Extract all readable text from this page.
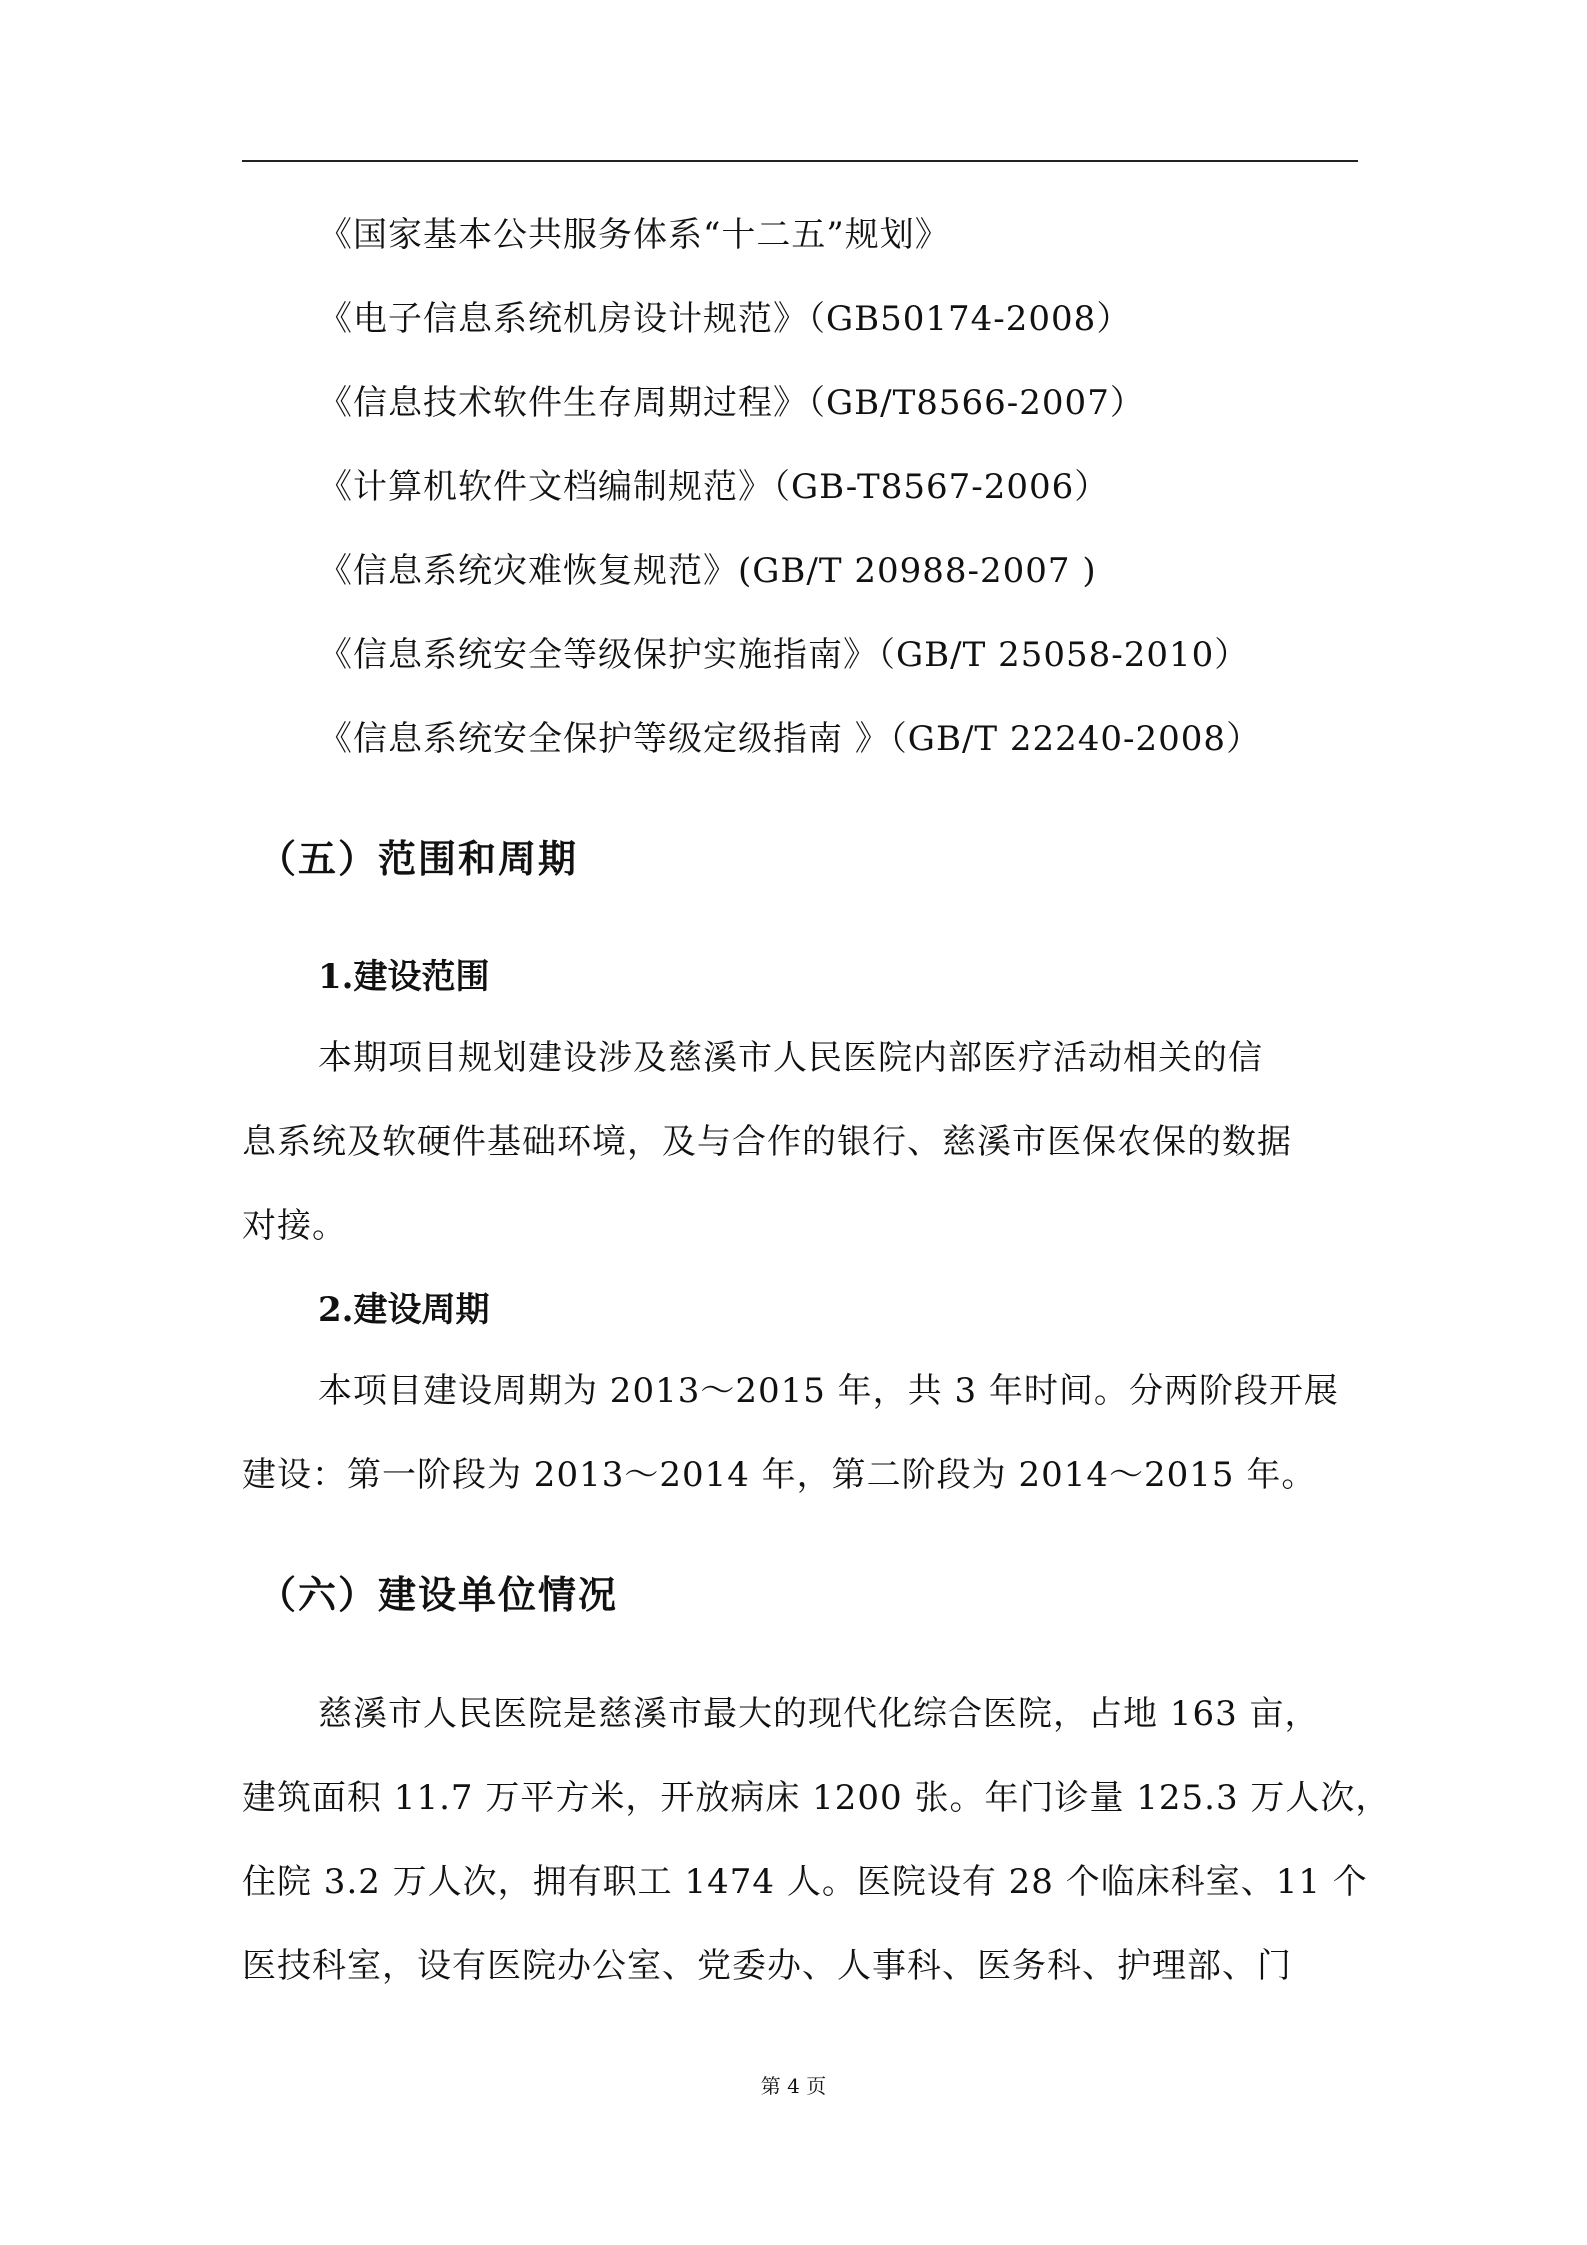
《国家基本公共服务体系“十二五”规划》
《电子信息系统机房设计规范》（GB50174-2008）
《信息技术软件生存周期过程》（GB/T8566-2007）
《计算机软件文档编制规范》（GB-T8567-2006）
《信息系统灾难恢复规范》(GB/T 20988-2007 )
《信息系统安全等级保护实施指南》（GB/T 25058-2010）
《信息系统安全保护等级定级指南 》（GB/T 22240-2008）
（五）范围和周期
1.建设范围
本期项目规划建设涉及慈溪市人民医院内部医疗活动相关的信
息系统及软硬件基础环境，及与合作的银行、慈溪市医保农保的数据
对接。
2.建设周期
本项目建设周期为 2013～2015 年，共 3 年时间。分两阶段开展
建设：第一阶段为 2013～2014 年，第二阶段为 2014～2015 年。
（六）建设单位情况
慈溪市人民医院是慈溪市最大的现代化综合医院，占地 163 亩，
建筑面积 11.7 万平方米，开放病床 1200 张。年门诊量 125.3 万人次，
住院 3.2 万人次，拥有职工 1474 人。医院设有 28 个临床科室、11 个
医技科室，设有医院办公室、党委办、人事科、医务科、护理部、门
第 4 页
